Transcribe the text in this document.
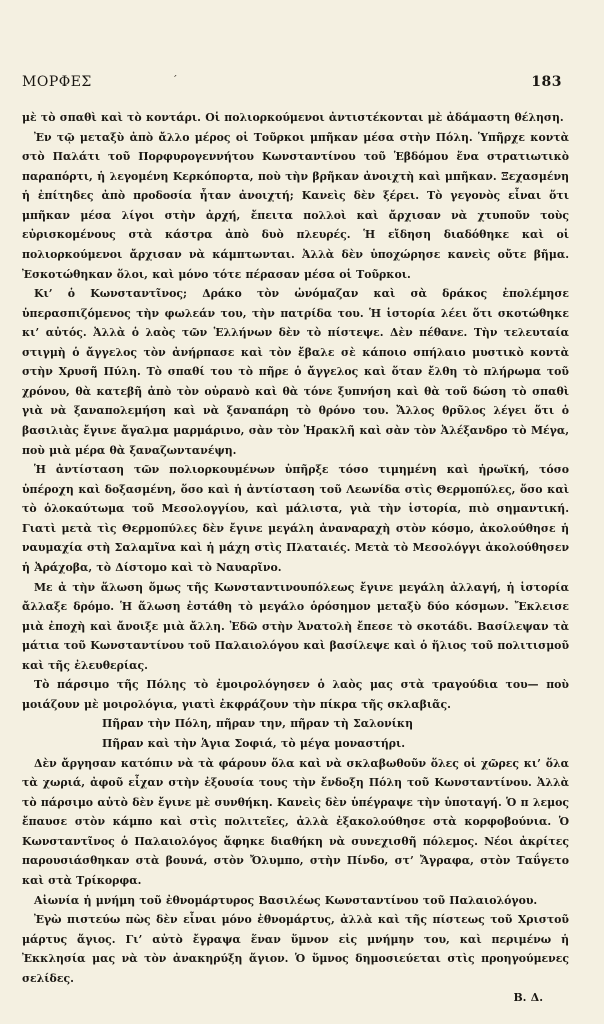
ΜΟΡΦΕΣ	΄	183

μὲ τὸ σπαθὶ καὶ τὸ κοντάρι. Οἱ πολιορκούμενοι ἀντιστέκονται μὲ ἀδάμαστη θέληση.

Ἐν τῷ μεταξὺ ἀπὸ ἄλλο μέρος οἱ Τοῦρκοι μπῆκαν μέσα στὴν Πόλη. Ὑπῆρχε κοντὰ στὸ Παλάτι τοῦ Πορφυρογεννήτου Κωνσταντίνου τοῦ Ἑβδόμου ἕνα στρατιωτικὸ παραπόρτι, ἡ λεγομένη Κερκόπορτα, ποὺ τὴν βρῆκαν ἀνοιχτὴ καὶ μπῆκαν. Ξεχασμένη ἡ ἐπίτηδες ἀπὸ προδοσία ἦταν ἀνοιχτή; Κανεὶς δὲν ξέρει. Τὸ γεγονὸς εἶναι ὅτι μπῆκαν μέσα λίγοι στὴν ἀρχή, ἔπειτα πολλοὶ καὶ ἄρχισαν νὰ χτυποῦν τοὺς εὐρισκομένους στὰ κάστρα ἀπὸ δυὸ πλευρές. Ἡ εἴδηση διαδόθηκε καὶ οἱ πολιορκούμενοι ἄρχισαν νὰ κάμπτωνται. Ἀλλὰ δὲν ὑποχώρησε κανεὶς οὔτε βῆμα. Ἐσκοτώθηκαν ὅλοι, καὶ μόνο τότε πέρασαν μέσα οἱ Τοῦρκοι.

Κι’ ὁ Κωνσταντῖνος; Δράκο τὸν ὠνόμαζαν καὶ σὰ δράκος ἐπολέμησε ὑπερασπιζόμενος τὴν φωλεάν του, τὴν πατρίδα του. Ἡ ἱστορία λέει ὅτι σκοτώθηκε κι’ αὐτός. Ἀλλὰ ὁ λαὸς τῶν Ἑλλήνων δὲν τὸ πίστεψε. Δὲν πέθανε. Τὴν τελευταία στιγμὴ ὁ ἄγγελος τὸν ἀνήρπασε καὶ τὸν ἔβαλε σὲ κάποιο σπήλαιο μυστικὸ κοντὰ στὴν Χρυσῆ Πύλη. Τὸ σπαθί του τὸ πῆρε ὁ ἄγγελος καὶ ὅταν ἔλθη τὸ πλήρωμα τοῦ χρόνου, θὰ κατεβῆ ἀπὸ τὸν οὐρανὸ καὶ θὰ τόνε ξυπνήση καὶ θὰ τοῦ δώση τὸ σπαθὶ γιὰ νὰ ξαναπολεμήση καὶ νὰ ξαναπάρη τὸ θρόνο του. Ἄλλος θρῦλος λέγει ὅτι ὁ βασιλιὰς ἔγινε ἄγαλμα μαρμάρινο, σὰν τὸν Ἡρακλῆ καὶ σὰν τὸν Ἀλέξανδρο τὸ Μέγα, ποὺ μιὰ μέρα θὰ ξαναζωντανέψη.

Ἡ ἀντίσταση τῶν πολιορκουμένων ὑπῆρξε τόσο τιμημένη καὶ ἡρωϊκή, τόσο ὑπέροχη καὶ δοξασμένη, ὅσο καὶ ἡ ἀντίσταση τοῦ Λεωνίδα στὶς Θερμοπύλες, ὅσο καὶ τὸ ὁλοκαύτωμα τοῦ Μεσολογγίου, καὶ μάλιστα, γιὰ τὴν ἱστορία, πιὸ σημαντική. Γιατὶ μετὰ τὶς Θερμοπύλες δὲν ἔγινε μεγάλη ἀναναραχὴ στὸν κόσμο, ἀκολούθησε ἡ ναυμαχία στὴ Σαλαμῖνα καὶ ἡ μάχη στὶς Πλαταιές. Μετὰ τὸ Μεσολόγγι ἀκολούθησεν ἡ Ἀράχοβα, τὸ Δίστομο καὶ τὸ Ναυαρῖνο.

Με ἀ τὴν ἅλωση ὅμως τῆς Κωνσταντινουπόλεως ἔγινε μεγάλη ἀλλαγή, ἡ ἱστορία ἄλλαξε δρόμο. Ἡ ἅλωση ἐστάθη τὸ μεγάλο ὁρόσημον μεταξὺ δύο κόσμων. Ἔκλεισε μιὰ ἐποχὴ καὶ ἄνοιξε μιὰ ἄλλη. Ἐδῶ στὴν Ἀνατολὴ ἔπεσε τὸ σκοτάδι. Βασίλεψαν τὰ μάτια τοῦ Κωνσταντίνου τοῦ Παλαιολόγου καὶ βασίλεψε καὶ ὁ ἥλιος τοῦ πολιτισμοῦ καὶ τῆς ἐλευθερίας.

Τὸ πάρσιμο τῆς Πόλης τὸ ἐμοιρολόγησεν ὁ λαὸς μας στὰ τραγούδια του— ποὺ μοιάζουν μὲ μοιρολόγια, γιατὶ ἐκφράζουν τὴν πίκρα τῆς σκλαβιᾶς.

Πῆραν τὴν Πόλη, πῆραν την, πῆραν τὴ Σαλονίκη
Πῆραν καὶ τὴν Ἁγια Σοφιά, τὸ μέγα μοναστήρι.

Δὲν ἄργησαν κατόπιν νὰ τὰ φάρουν ὅλα καὶ νὰ σκλαβωθοῦν ὅλες οἱ χῶρες κι’ ὅλα τὰ χωριά, ἀφοῦ εἶχαν στὴν ἐξουσία τους τὴν ἔνδοξη Πόλη τοῦ Κωνσταντίνου. Ἀλλὰ τὸ πάρσιμο αὐτὸ δὲν ἔγινε μὲ συνθήκη. Κανεὶς δὲν ὑπέγραψε τὴν ὑποταγή. Ὁ π λεμος ἔπαυσε στὸν κάμπο καὶ στὶς πολιτεῖες, ἀλλὰ ἐξακολούθησε στὰ κορφοβούνια. Ὁ Κωνσταντῖνος ὁ Παλαιολόγος ἄφηκε διαθήκη νὰ συνεχισθῆ πόλεμος. Νέοι ἀκρίτες παρουσιάσθηκαν στὰ βουνά, στὸν Ὄλυμπο, στὴν Πίνδο, στ’ Ἄγραφα, στὸν Ταΰγετο καὶ στὰ Τρίκορφα.

Αἰωνία ἡ μνήμη τοῦ ἐθνομάρτυρος Βασιλέως Κωνσταντίνου τοῦ Παλαιολόγου.

Ἐγὼ πιστεύω πὼς δὲν εἶναι μόνο ἐθνομάρτυς, ἀλλὰ καὶ τῆς πίστεως τοῦ Χριστοῦ μάρτυς ἅγιος. Γι’ αὐτὸ ἔγραψα ἕναν ὕμνον εἰς μνήμην του, καὶ περιμένω ἡ Ἐκκλησία μας νὰ τὸν ἀνακηρύξη ἅγιον. Ὁ ὕμνος δημοσιεύεται στὶς προηγούμενες σελίδες.

Β. Δ.
